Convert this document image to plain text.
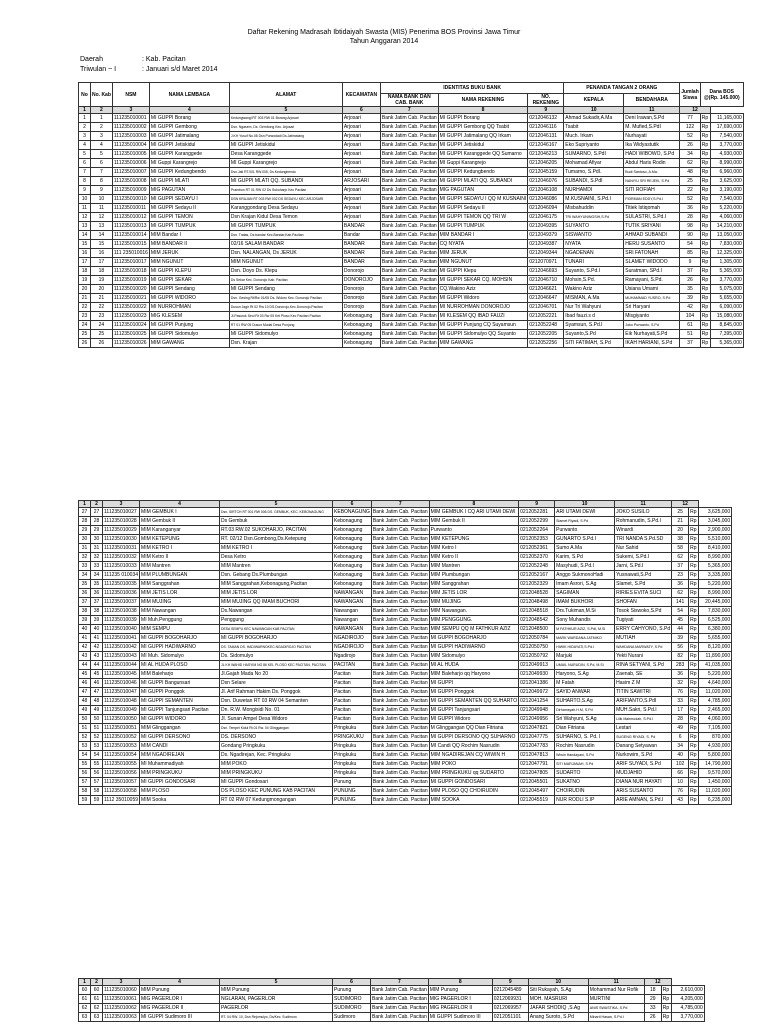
Daftar Rekening Madrasah Ibtidaiyah Swasta (MIS) Penerima BOS Provinsi Jawa Timur
Tahun Anggaran 2014
Daerah	: Kab. Pacitan
Triwulan ~ I	: Januari s/d Maret 2014
No	No. Kab	NSM	NAMA LEMBAGA	ALAMAT	KECAMATAN	IDENTITAS BUKU BANK			PENANDA TANGAN 2 ORANG		Jumlah Siswa	Dana BOS @(Rp. 145.000)	
						NAMA BANK DAN CAB. BANK	NAMA REKENING	NO. REKENING	KEPALA	BENDAHARA			
1	2	3	4	5	6	7	8	9	10	11	12		
1	1	111235010001	MI GUPPI Borang	Kedungwangi RT 003 RW 01 Borang Arjosari	Arjosari	Bank Jatim Cab. Pacitan	MI GUPPI Borang	0212046132	Ahmad Sukadir,A.Ma	Deni Irawan,S.Pd	77	Rp	11,165,000
2	2	111235010002	MI GUPPI Gembong	Dsn. Ngasem, Ds. Gembong Kec. Arjosari	Arjosari	Bank Jatim Cab. Pacitan	MI GUPPI Gembong QQ Tsabit	0212046116	Tsabit	M. Mufied,S.PdI	122	Rp	17,690,000
3	3	111235010003	MI GUPPI Jatimalang	J.KH Yusuf No.08 Dsn Purwodadi Ds.Jatimalang	Arjosari	Bank Jatim Cab. Pacitan	MI GUPPI Jatimalang QQ Irkam	0212046131	Much. Irkam	Nurhayati	52	Rp	7,540,000
4	4	111235010004	MI GUPPI Jetiskidul	MI GUPPI Jetiskidul	Arjosari	Bank Jatim Cab. Pacitan	MI GUPPI Jetiskidul	0212046167	Eko Supriyanto	Ika Widyastutik	26	Rp	3,770,000
5	5	111235010005	MI GUPPI Karanggede	Desa Karanggede	Arjosari	Bank Jatim Cab. Pacitan	MI GUPPI Karanggede QQ Sumarno	0212046213	SUMARNO, S.PdI	HADI WIBOWO, S.Pd	34	Rp	4,930,000
6	6	111235010006	MI Guppi Karangrejo	MI Guppi Karangrejo	Arjosari	Bank Jatim Cab. Pacitan	MI Guppi Karangrejo	0212046205	Mohamad Afiyar	Abdul Haris Rodin	62	Rp	8,990,000
7	7	111235010007	MI GUPPI Kedungbendo	Dsn.Jati RT.001 RW.005, Ds.Kedungbendo	Arjosari	Bank Jatim Cab. Pacitan	MI GUPPI Kedungbendo	0212045159	Tumarno, S.PdI.	Budi Santoso, A.Ma.	48	Rp	6,960,000
8	8	111235010008	MI GUPPI MLATI	MI GUPPI MLATI QQ. SUBANDI	ARJOSARI	Bank Jatim Cab. Pacitan	MI GUPPI MLATI QQ. SUBANDI	0212046076	SUBANDI, S.PdI	NANIYU SRI REJEKI, S.Pd	25	Rp	3,625,000
9	9	111235010009	MIG PAGUTAN	Prambon RT 01 RW 02 Ds Sukoharjo Kec Pacitan	Arjosari	Bank Jatim Cab. Pacitan	MIG PAGUTAN	0212046108	NURHAMDI	SITI ROFIAH	22	Rp	3,190,000
10	10	111235010010	MI GUPPI SEDAYU I	DSN KRAJAN RT 003 RW 002 DS SEDAYU KEC ARJOSARI	Arjosari	Bank Jatim Cab. Pacitan	MI GUPPI SEDAYU I QQ M KUSNAINI	0212046086	M.KUSNAINI, S.Pd.I	FIDRMAN EDDY,S.Pd.I	52	Rp	7,540,000
11	11	111235010011	MI GUPPI Sedayu II	Karanggondang Desa Sedayu	Arjosari	Bank Jatim Cab. Pacitan	MI GUPPI Sedayu II	0212046094	Misbahuddin	Titiek Istiqomah	36	Rp	5,220,000
12	12	111235010012	MI GUPPI TEMON	Dsn Krajan Kidul Desa Temon	Arjosari	Bank Jatim Cab. Pacitan	MI GUPPI TEMON QQ TRI W	0212046175	TRI WAHYUNINGSIH,S.Pd	SULASTRI, S.Pd.I	28	Rp	4,060,000
13	13	111235010013	MI GUPPI TUMPUK	MI GUPPI TUMPUK	BANDAR	Bank Jatim Cab. Pacitan	MI GUPPI TUMPUK	0212049395	SUYANTO	TUTIK SRIYANI	98	Rp	14,210,000
14	14	111235010014	MIM Bandar I	Dsn. Tratas, Ds.bandar Kec.Bandar,Kab.Pacitan	Bandar	Bank Jatim Cab. Pacitan	MIM BANDAR I	0212049379	SISWANTO	AHMAD SUBANDI	90	Rp	13,050,000
15	15	111235010015	MIM BANDAR II	02/16 SALAM BANDAR	BANDAR	Bank Jatim Cab. Pacitan	CQ NYATA	0212049387	NYATA	HERU SUSANTO	54	Rp	7,830,000
16	16	111 235010016	MIM JERUK	Dsn. NALANGAN, Ds JERUK	BANDAR	Bank Jatim Cab. Pacitan	MIM JERUK	0212049344	NGADENAN	SRI FATONAH	85	Rp	12,325,000
17	17	111235010017	MIM NGUNUT	MIM NGUNUT	BANDAR	Bank Jatim Cab. Pacitan	MIM NGUNUT	0212070971	TUNARI	SLAMET WIDODO	9	Rp	1,305,000
18	18	111235010018	MI GUPPI KLEPU	Dsn. Doyo Ds. Klepu	Donorojo	Bank Jatim Cab. Pacitan	MI GUPPI Klepu	0212046693	Suyanto, S.Pd.I	Suratman, SPd.I	37	Rp	5,365,000
19	19	111235010019	MI GUPPI SEKAR	Ds Sekar Kec. Donorojo Kab. Pacitan	DONOROJO	Bank Jatim Cab. Pacitan	MI GUPPI SEKAR CQ. MOHSIN	0212046710	Mohsin,S.Pd.	Ramayani, S.Pd.	26	Rp	3,770,000
20	20	111235010020	MI GUPPI Sendang	MI GUPPI Sendang	Donorojo	Bank Jatim Cab. Pacitan	CQ.Wakino Aziz	0212046621	Wakino Aziz	Usiana Umami	35	Rp	5,075,000
21	21	111235010021	MI GUPPI WIDORO	Dsn. Gesing Rt/Rw 01/05 Ds. Widoro Kec. Donorojo Pacitan	Donorojo	Bank Jatim Cab. Pacitan	MI GUPPI Widoro	0212046647	MISMAN, A.Ma	MUHAMMAD YUSRO, S.Pd	39	Rp	5,655,000
22	22	111235010022	MI NURROHMAN	Dusun Jagir Rt 02 Rw 10 DS.Donorojo,Kec.Donorojo,Pacitan	Donorojo	Bank Jatim Cab. Pacitan	MI NURROHMAN DONOROJO	0212046701	Nur Tri Wahyuni	Sri Haryani	42	Rp	6,090,000
23	23	111235010023	MIG KLESEM	Jl.Pasuruk Seol Rt 03 Rw 05 Ket Ploso Kec Pacitan Pacitan	Kebonagung	Bank Jatim Cab. Pacitan	MI KLESEM QQ IBAD FAUZI	0212052221	Ibad fauzi.s d	Misgiyanto	104	Rp	15,080,000
24	24	111235010024	MI GUPPI Punjung	RT 01 RW 05 Dusun Mudal Desa Punjung	Kebonagung	Bank Jatim Cab. Pacitan	MI GUPPI Punjung CQ Suyamsun	0212052248	Syamsun, S.Pd.I	Joko Purwanto, S.Pd	61	Rp	8,845,000
25	25	111235010025	MI GUPPI Sidomulyo	MI GUPPI Sidomulyo	Kebonagung	Bank Jatim Cab. Pacitan	MI GUPPI Sidomulyo QQ Suyanto	0212052205	Suyanto,S.Pd	Eik Nurhayati,S.Pd	51	Rp	7,395,000
26	26	111235010026	MIM GAWANG	Dsn. Krajan	Kebonagung	Bank Jatim Cab. Pacitan	MIM GAWANG	0212052256	SITI FATIMAH, S.Pd	IKAH HARIANI, S.Pd	37	Rp	5,365,000
1	2	3	4	5	6	7	8	9	10	11	12		
27	27	111235010027	MIM GEMBUK I	Dsn. SIRTCH RT 001 RW 006 DS. GEMBUK, KEC. KEBONAGUNG	KEBONAGUNG	Bank Jatim Cab. Pacitan	MIM GEMBUK I CQ ARI UTAMI DEWI	0212052281	ARI UTAMI DEWI	JOKO SUSILO	25	Rp	3,625,000
28	28	111235010028	MIM Gembuk II	Ds Gembuk	Kebonagung	Bank Jatim Cab. Pacitan	MIM Gembuk II	0212052299	Slamet Riyadi, S.Pd	Rohmanudin, S.Pd.I	21	Rp	3,045,000
29	29	111235010029	MIM Karanganyar	RT.03 RW.02 SUKOHARJO, PACITAN	Kebonagung	Bank Jatim Cab. Pacitan	Purwanto	0212052264	Purwanto	Winardi	20	Rp	2,900,000
30	30	111235010030	MIM KETEPUNG	RT. 02/12 Dsn.Gombong,Ds.Ketepung	Kebonagung	Bank Jatim Cab. Pacitan	MIM KETEPUNG	0212052353	GUNARTO S.Pd.I	TRI NANDA S.Pd.SD	38	Rp	5,510,000
31	31	111235010031	MIM KETRO I	MIM KETRO I	Kebonagung	Bank Jatim Cab. Pacitan	MIM Ketro I	0212052361	Sumo A.Ma	Nur Sahid	58	Rp	8,410,000
32	32	111235010032	MIM Ketro II	Desa Ketro	Kebonagung	Bank Jatim Cab. Pacitan	MIM Ketro II	0212052370	Karim, S.Pd	Sukemi, S.Pd.I	62	Rp	8,990,000
33	33	111235010033	MIM Mantren	MIM Mantren	Kebonagung	Bank Jatim Cab. Pacitan	MIM Mantren	0212052248	Masyhudi, S.Pd.I	Jarni, S.Pd.I	37	Rp	5,365,000
34	34	111235 010034	MIM PLUMBUNGAN	Dsn. Gebang Ds.Plumbungan	Kebonagung	Bank Jatim Cab. Pacitan	MIM Plumbungan	0212052167	Anggo SukmonoHadi	Yusnawati,S.Pd	23	Rp	3,335,000
35	35	111235010035	MIM Sanggrahan	MIM Sanggrahan,Kebonagung,Pacitan	Kebonagung	Bank Jatim Cab. Pacitan	MIM Sanggrahan	0212052329	Imam Asrori, S.Ag	Slamet, S.Pd	36	Rp	5,220,000
36	36	111235010036	MIM JETIS LOR	MIM JETIS LOR	NAWANGAN	Bank Jatim Cab. Pacitan	MIM JETIS LOR	0212048528	SAGIMAN	RIRIES EVITA SUCI	62	Rp	8,990,000
37	37	111235010037	MIM MUJING	MIM MUJING QQ IMAM BUCHORI	NAWANGAN	Bank Jatim Cab. Pacitan	MIM MUJING	0212048498	IMAM BUKHORI	SHOFAN	141	Rp	20,445,000
38	38	111235010038	MIM Nawangan	Ds.Nawangan	Nawangan	Bank Jatim Cab. Pacitan	MIM Nawangan.	0212048518	Drs.Tukiman,M.Si	Tosok Siswoko,S.Pd	54	Rp	7,830,000
39	39	111235010039	MI Muh.Penggung	Penggung	Nawangan	Bank Jatim Cab. Pacitan	MIM.PENGGUNG.	0212048542	Sony Muhandis	Tugiyati	45	Rp	6,525,000
40	40	111235010040	MIM SEMPU	DESA SEMPU KEC NAWANGAN KAB PACITAN	NAWANGAN	Bank Jatim Cab. Pacitan	MIM SEMPU QQ M FATHKUR AZIZ	0212048500	M FATHKUR AZIZ, S.PdI, M.Si	ERRY CAHYONO, S.Pd	44	Rp	6,380,000
41	41	111235010041	MI GUPPI BOGOHARJO	MI GUPPI BOGOHARJO	NGADIROJO	Bank Jatim Cab. Pacitan	MI GUPPI BOGOHARJO	0212050784	MARK WARDANA JATMIKO	MUTIAH	39	Rp	5,655,000
42	42	111235010042	MI GUPPI HADIWARNO	DS. TAMAN DS. HADIWARNOKEC.NGADIROJO PACITAN	NGADIROJO	Bank Jatim Cab. Pacitan	MI GUPPI HADIWARNO	0212050750	HIWIK HIDAYATI,S.Pd.I	WAHDANA MARWATY, S.Pd	56	Rp	8,120,000
43	43	111235010043	MI Muh. Sidomulyo	Ds. Sidomulyo	Ngadirojo	Bank Jatim Cab. Pacitan	MIM Sidomulyo	0212050792	Marjuki	Yekti Nurani	82	Rp	11,890,000
44	44	111235010044	MI AL HUDA PLOSO	JL KH WAHID HASYIM NO 86 KEL PLOSO KEC PACITAN, PACITAN	PACITAN	Bank Jatim Cab. Pacitan	MI AL HUDA	0212049913	UMAIL NURUDIN, S.Pd, M.Si	RINA SETYANI, S.Pd	283	Rp	41,035,000
45	45	111235010045	MIM Baleharjo	Jl.Gajah Mada No 20	Pacitan	Bank Jatim Cab. Pacitan	MIM Baleharjo qq Haryono	0212049930	Haryono, S.Ag	Zaenab, SE	36	Rp	5,220,000
46	46	111235010046	MI GUPPI Bangunsari	Dsn Selare	Pacitan	Bank Jatim Cab. Pacitan	MI GUPPI	0212041386	M Fatah	Hasim Z M	32	Rp	4,640,000
47	47	111235010047	MI GUPPI Ponggok	Jl. Arif Rahman Hakim Ds. Ponggok	Pacitan	Bank Jatim Cab. Pacitan	MI GUPPI Ponggok	0212049972	SAYID ANWAR	TITIN SAWITRI	76	Rp	11,020,000
48	48	111235010048	MI GUPPI SEMANTEN	Dsn. Duwetan RT 03 RW 04 Semanten	Pacitan	Bank Jatim Cab. Pacitan	MI GUPPI SEMANTEN QQ SUHARTO	0212041254	SUHARTO,S.Ag	ARIFIANTO,S.PdI	33	Rp	4,785,000
49	49	111235010049	MI GUPPI Tanjungsari Pacitan	Dn. R.W. Mongisidi No. 01	Pacitan	Bank Jatim Cab. Pacitan	MI GUPPI Tanjungsari	0212049948	Dirhamsyah.H.M, S.Pd	MUH.Sakri, S.Pd.I	17	Rp	2,465,000
50	50	111235010050	MI GUPPI WIDORO	Jl. Sunan Ampel Desa Widoro	Pacitan	Bank Jatim Cab. Pacitan	MI GUPPI Widoro	0212049956	Sri Wahyuni, S.Ag	Lilik Mahmudah, S.Pd.I	28	Rp	4,060,000
51	51	111235010051	MIM Glinggangan	Dsn. Tempel Kidul Rt.01 Rw. 04 Glinggangan	Pringkuku	Bank Jatim Cab. Pacitan	M Glinggangan QQ Dian Fitriana	0212047821	Dian Fitriana	Lestari	49	Rp	7,105,000
52	52	111235010052	MI GUPPI DERSONO	DS. DERSONO	PRINGKUKU	Bank Jatim Cab. Pacitan	MI GUPPI DERSONO QQ SUHARNO	0212047775	SUHARNO, S. Pd. I	SUGENG RIYADI, S. Pd	6	Rp	870,000
53	53	111235010053	MIM CANDI	Gondang Pringkuku	Pringkuku	Bank Jatim Cab. Pacitan	MI Candi QQ Rochim Nasrudin	0212047783	Rochim Nasrudin	Danang Setyawan	34	Rp	4,930,000
54	54	111235010054	MIM NGADIREJAN	Ds. Ngadirejan, Kec. Pringkuku	Pringkuku	Bank Jatim Cab. Pacitan	MIM NGADIREJAN CQ WIWIN H	0212047813	Wiwin Handayani, S.Pd	Nurkowim, S.Pd	40	Rp	5,800,000
55	55	111235010055	MI Muhammadiyah	MIM POKO	Pringkuku	Bank Jatim Cab. Pacitan	MIM POKO	0212047791	SITI MARJANAH, S.Pd	ARIF SUYADI, S.Pd	102	Rp	14,790,000
56	56	111235010056	MIM PRINGKUKU	MIM PRINGKUKU	Pringkuku	Bank Jatim Cab. Pacitan	MIM PRINGKUKU qq SUDARTO	0212047805	SUDARTO	MUDJAHID	66	Rp	9,570,000
57	57	111235010057	MI GUPPI GONDOSARI	MI GUPPI Gondosari	Punung	Bank Jatim Cab. Pacitan	MI GUPPI GONDOSARI	0212045501	SUKATNO	DIANA NUR HAYATI	10	Rp	1,450,000
58	58	111235010058	MIM PLOSO	DS PLOSO KEC PUNUNG KAB PACITAN	PUNUNG	Bank Jatim Cab. Pacitan	MIM PLOSO QQ CHOIRUDIN	0212045497	CHOIRUDIN	ARIS SUSANTO	76	Rp	11,020,000
59	59	1112 35010059	MIM Sooka	RT 02 RW 07 Kedungmongangan	PUNUNG	Bank Jatim Cab. Pacitan	MIM SOOKA	0212045519	NUR RODLI S.IP	ARIE AMNAN, S.Pd.I	43	Rp	6,235,000
1	2	3	4	5	6	7	8	9	10	11	12		
60	60	111235010060	MIM Punung	MIM Punung	Punung	Bank Jatim Cab. Pacitan	MIM Punung	0212045489	Siti Rukayah, S.Ag	Mohammad Nur Rofik	18	Rp	2,610,000
61	61	111235010061	MIG PAGERLOR I	NGLARAN, PAGERLOR	SUDIMORO	Bank Jatim Cab. Pacitan	MIG PAGERLOR I	0212069931	MOH. MASRURI	MURTINI	29	Rp	4,205,000
62	62	111235010062	MIG PAGERLOR II	PAGERLOR	SUDIMORO	Bank Jatim Cab. Pacitan	MIG PAGERLOR II	0212069957	JAFAR SHODIQ ,S.Ag	ANIS SWASTIKA, S.Pd	33	Rp	4,785,000
63	63	111235010063	MI GUPPI Sudimoro III	RT. 04 RW. 10, Dsn Rejomulyo, Ds/Kec. Sudimoro	Sudimoro	Bank Jatim Cab. Pacitan	MI GUPPI Sudimoro III	0212051101	Anang Suroto, S.Pd	Minarti Hasan, S.Pd.I	26	Rp	3,770,000
